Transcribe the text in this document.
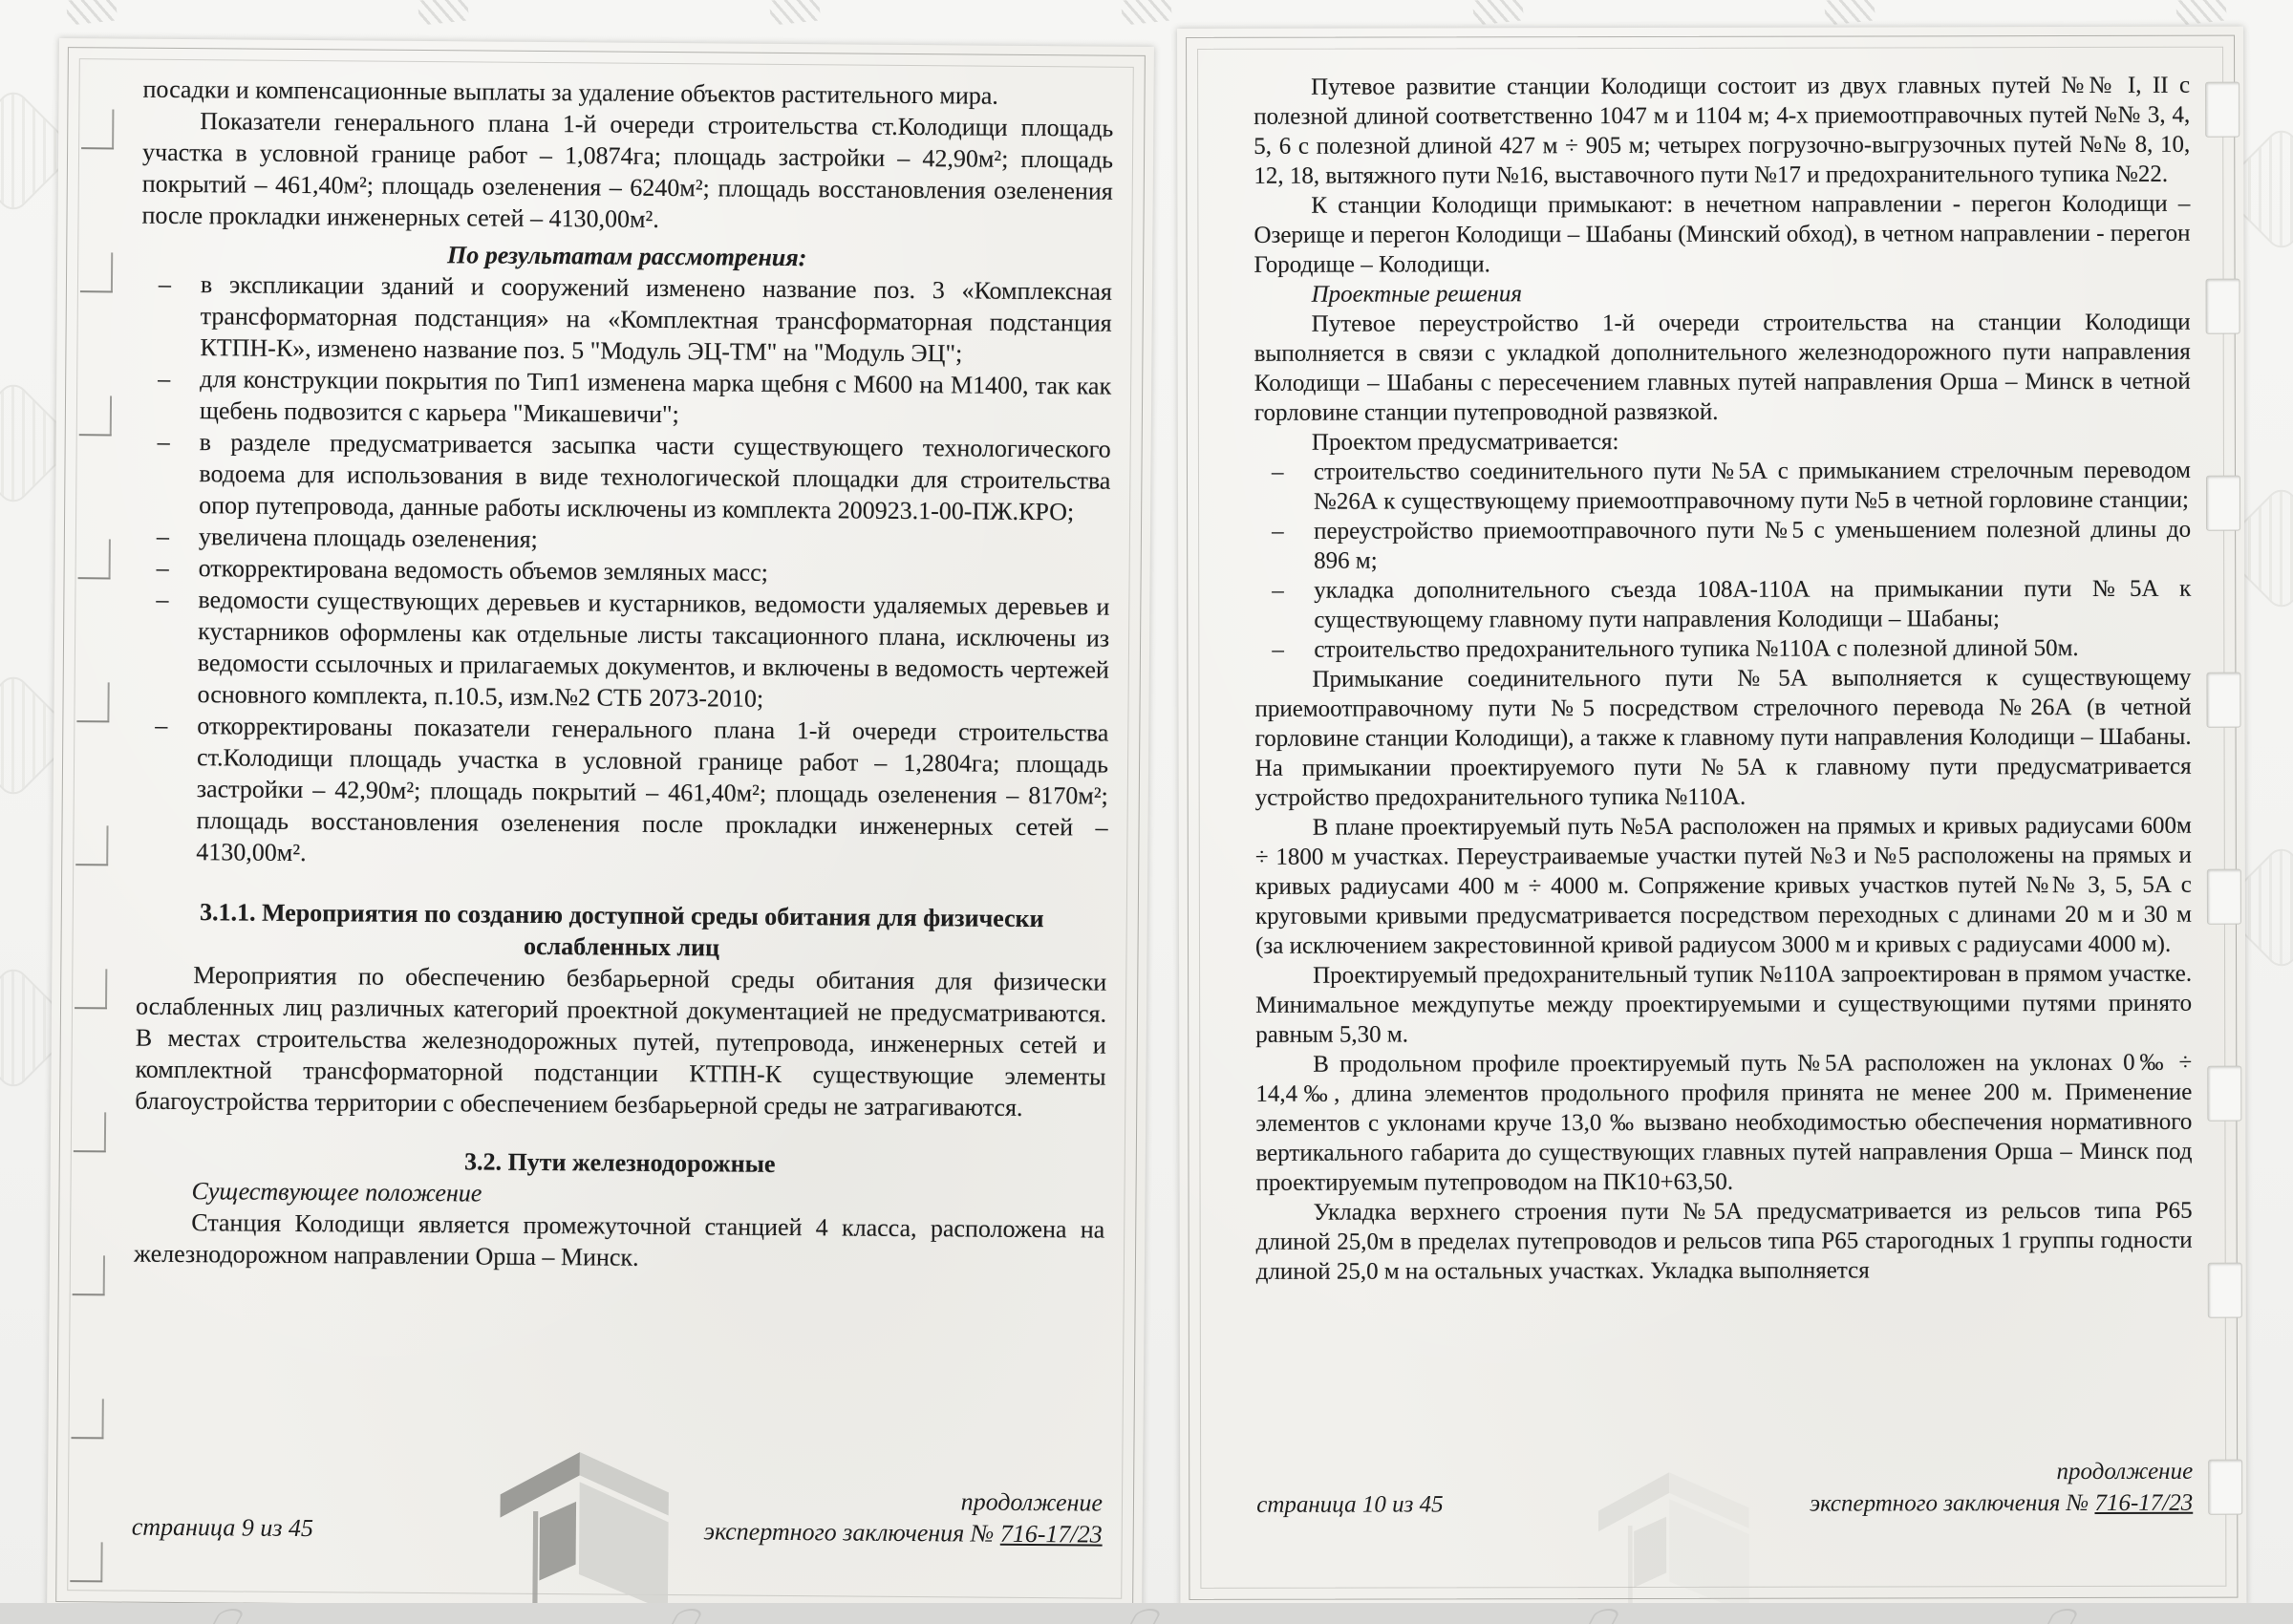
посадки и компенсационные выплаты за удаление объектов растительного мира.

Показатели генерального плана 1-й очереди строительства ст.Колодищи площадь участка в условной границе работ – 1,0874га; площадь застройки – 42,90м²; площадь покрытий – 461,40м²; площадь озеленения – 6240м²; площадь восстановления озеленения после прокладки инженерных сетей – 4130,00м².

По результатам рассмотрения:

–	в экспликации зданий и сооружений изменено название поз. 3 «Комплексная трансформаторная подстанция» на «Комплектная трансформаторная подстанция КТПН-К», изменено название поз. 5 "Модуль ЭЦ-ТМ" на "Модуль ЭЦ";
–	для конструкции покрытия по Тип1 изменена марка щебня с М600 на М1400, так как щебень подвозится с карьера "Микашевичи";
–	в разделе предусматривается засыпка части существующего технологического водоема для использования в виде технологической площадки для строительства опор путепровода, данные работы исключены из комплекта 200923.1-00-ПЖ.КРО;
–	увеличена площадь озеленения;
–	откорректирована ведомость объемов земляных масс;
–	ведомости существующих деревьев и кустарников, ведомости удаляемых деревьев и кустарников оформлены как отдельные листы таксационного плана, исключены из ведомости ссылочных и прилагаемых документов, и включены в ведомость чертежей основного комплекта, п.10.5, изм.№2 СТБ 2073-2010;
–	откорректированы показатели генерального плана 1-й очереди строительства ст.Колодищи площадь участка в условной границе работ – 1,2804га; площадь застройки – 42,90м²; площадь покрытий – 461,40м²; площадь озеленения – 8170м²; площадь восстановления озеленения после прокладки инженерных сетей – 4130,00м².

3.1.1. Мероприятия по созданию доступной среды обитания для физически ослабленных лиц

Мероприятия по обеспечению безбарьерной среды обитания для физически ослабленных лиц различных категорий проектной документацией не предусматриваются. В местах строительства железнодорожных путей, путепровода, инженерных сетей и комплектной трансформаторной подстанции КТПН-К существующие элементы благоустройства территории с обеспечением безбарьерной среды не затрагиваются.

3.2. Пути железнодорожные

Существующее положение

Станция Колодищи является промежуточной станцией 4 класса, расположена на железнодорожном направлении Орша – Минск.

страница 9 из 45
продолжение
экспертного заключения № 716-17/23

Путевое развитие станции Колодищи состоит из двух главных путей №№ I, II с полезной длиной соответственно 1047 м и 1104 м; 4-х приемоотправочных путей №№ 3, 4, 5, 6 с полезной длиной 427 м ÷ 905 м; четырех погрузочно-выгрузочных путей №№ 8, 10, 12, 18, вытяжного пути №16, выставочного пути №17 и предохранительного тупика №22.

К станции Колодищи примыкают: в нечетном направлении - перегон Колодищи – Озерище и перегон Колодищи – Шабаны (Минский обход), в четном направлении - перегон Городище – Колодищи.

Проектные решения

Путевое переустройство 1-й очереди строительства на станции Колодищи выполняется в связи с укладкой дополнительного железнодорожного пути направления Колодищи – Шабаны с пересечением главных путей направления Орша – Минск в четной горловине станции путепроводной развязкой.

Проектом предусматривается:

–	строительство соединительного пути №5А с примыканием стрелочным переводом №26А к существующему приемоотправочному пути №5 в четной горловине станции;
–	переустройство приемоотправочного пути №5 с уменьшением полезной длины до 896 м;
–	укладка дополнительного съезда 108А-110А на примыкании пути №5А к существующему главному пути направления Колодищи – Шабаны;
–	строительство предохранительного тупика №110А с полезной длиной 50м.

Примыкание соединительного пути №5А выполняется к существующему приемоотправочному пути №5 посредством стрелочного перевода №26А (в четной горловине станции Колодищи), а также к главному пути направления Колодищи – Шабаны. На примыкании проектируемого пути №5А к главному пути предусматривается устройство предохранительного тупика №110А.

В плане проектируемый путь №5А расположен на прямых и кривых радиусами 600м ÷ 1800 м участках. Переустраиваемые участки путей №3 и №5 расположены на прямых и кривых радиусами 400 м ÷ 4000 м. Сопряжение кривых участков путей №№ 3, 5, 5А с круговыми кривыми предусматривается посредством переходных с длинами 20 м и 30 м (за исключением закрестовинной кривой радиусом 3000 м и кривых с радиусами 4000 м).

Проектируемый предохранительный тупик №110А запроектирован в прямом участке. Минимальное междупутье между проектируемыми и существующими путями принято равным 5,30 м.

В продольном профиле проектируемый путь №5А расположен на уклонах 0‰ ÷ 14,4‰, длина элементов продольного профиля принята не менее 200 м. Применение элементов с уклонами круче 13,0 ‰ вызвано необходимостью обеспечения нормативного вертикального габарита до существующих главных путей направления Орша – Минск под проектируемым путепроводом на ПК10+63,50.

Укладка верхнего строения пути №5А предусматривается из рельсов типа Р65 длиной 25,0м в пределах путепроводов и рельсов типа Р65 старогодных 1 группы годности длиной 25,0 м на остальных участках. Укладка выполняется

страница 10 из 45
продолжение
экспертного заключения № 716-17/23
